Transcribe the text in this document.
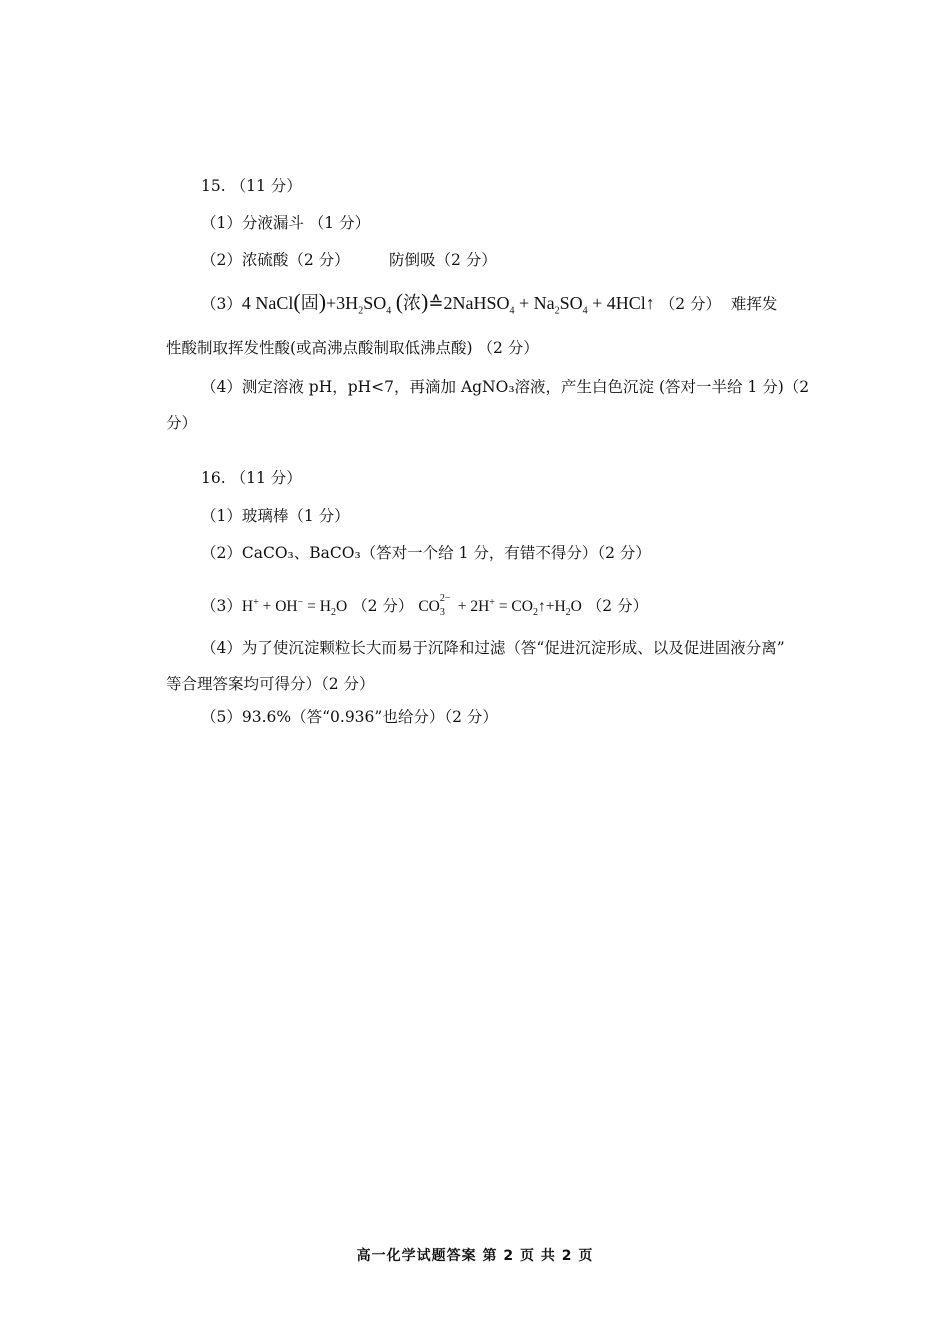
15. （11 分）
（1）分液漏斗 （1 分）
（2）浓硫酸（2 分）	防倒吸（2 分）
（3）4 NaCl(固)$+3H_2SO_4$ (浓)≙2NaHSO$_4$ + $Na_2SO_4$ + 4HCl↑ （2 分） 难挥发
性酸制取挥发性酸(或高沸点酸制取低沸点酸) （2 分）
（4）测定溶液 pH，pH<7，再滴加 AgNO₃溶液，产生白色沉淀 (答对一半给 1 分)（2
分）
16. （11 分）
（1）玻璃棒（1 分）
（2）CaCO₃、BaCO₃（答对一个给 1 分，有错不得分）（2 分）
$(3)H^+ + OH^- = H_2O$ （2 分） CO 2−
$3 + 2H^+ = CO_2↑+H_2O$ （2 分）
（4）为了使沉淀颗粒长大而易于沉降和过滤（答“促进沉淀形成、以及促进固液分离”
等合理答案均可得分）（2 分）
（5）93.6%（答“0.936”也给分）（2 分）
高一化学试题答案 第 2 页 共 2 页
